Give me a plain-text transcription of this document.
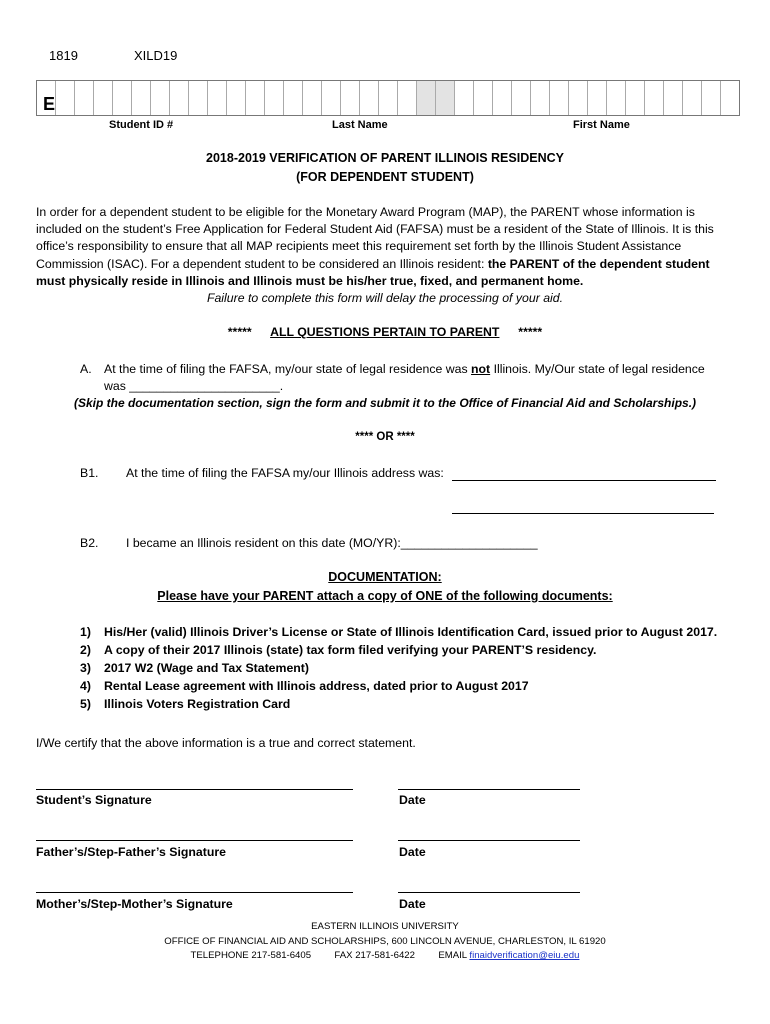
1819	XILD19
E
Student ID #	Last Name	First Name
2018-2019 VERIFICATION OF PARENT ILLINOIS RESIDENCY
(FOR DEPENDENT STUDENT)
In order for a dependent student to be eligible for the Monetary Award Program (MAP), the PARENT whose information is included on the student’s Free Application for Federal Student Aid (FAFSA) must be a resident of the State of Illinois. It is this office’s responsibility to ensure that all MAP recipients meet this requirement set forth by the Illinois Student Assistance Commission (ISAC). For a dependent student to be considered an Illinois resident: the PARENT of the dependent student must physically reside in Illinois and Illinois must be his/her true, fixed, and permanent home.
Failure to complete this form will delay the processing of your aid.
***** ALL QUESTIONS PERTAIN TO PARENT *****
A. At the time of filing the FAFSA, my/our state of legal residence was not Illinois. My/Our state of legal residence
was ______________________.
(Skip the documentation section, sign the form and submit it to the Office of Financial Aid and Scholarships.)
**** OR ****
B1. At the time of filing the FAFSA my/our Illinois address was:
B2. I became an Illinois resident on this date (MO/YR):____________________
DOCUMENTATION:
Please have your PARENT attach a copy of ONE of the following documents:
1)	His/Her (valid) Illinois Driver’s License or State of Illinois Identification Card, issued prior to August 2017.
2)	A copy of their 2017 Illinois (state) tax form filed verifying your PARENT’S residency.
3)	2017 W2 (Wage and Tax Statement)
4)	Rental Lease agreement with Illinois address, dated prior to August 2017
5)	Illinois Voters Registration Card
I/We certify that the above information is a true and correct statement.
Student’s Signature	Date
Father’s/Step-Father’s Signature	Date
Mother’s/Step-Mother’s Signature	Date
EASTERN ILLINOIS UNIVERSITY
OFFICE OF FINANCIAL AID AND SCHOLARSHIPS, 600 LINCOLN AVENUE, CHARLESTON, IL 61920
TELEPHONE 217-581-6405 FAX 217-581-6422 EMAIL finaidverification@eiu.edu
